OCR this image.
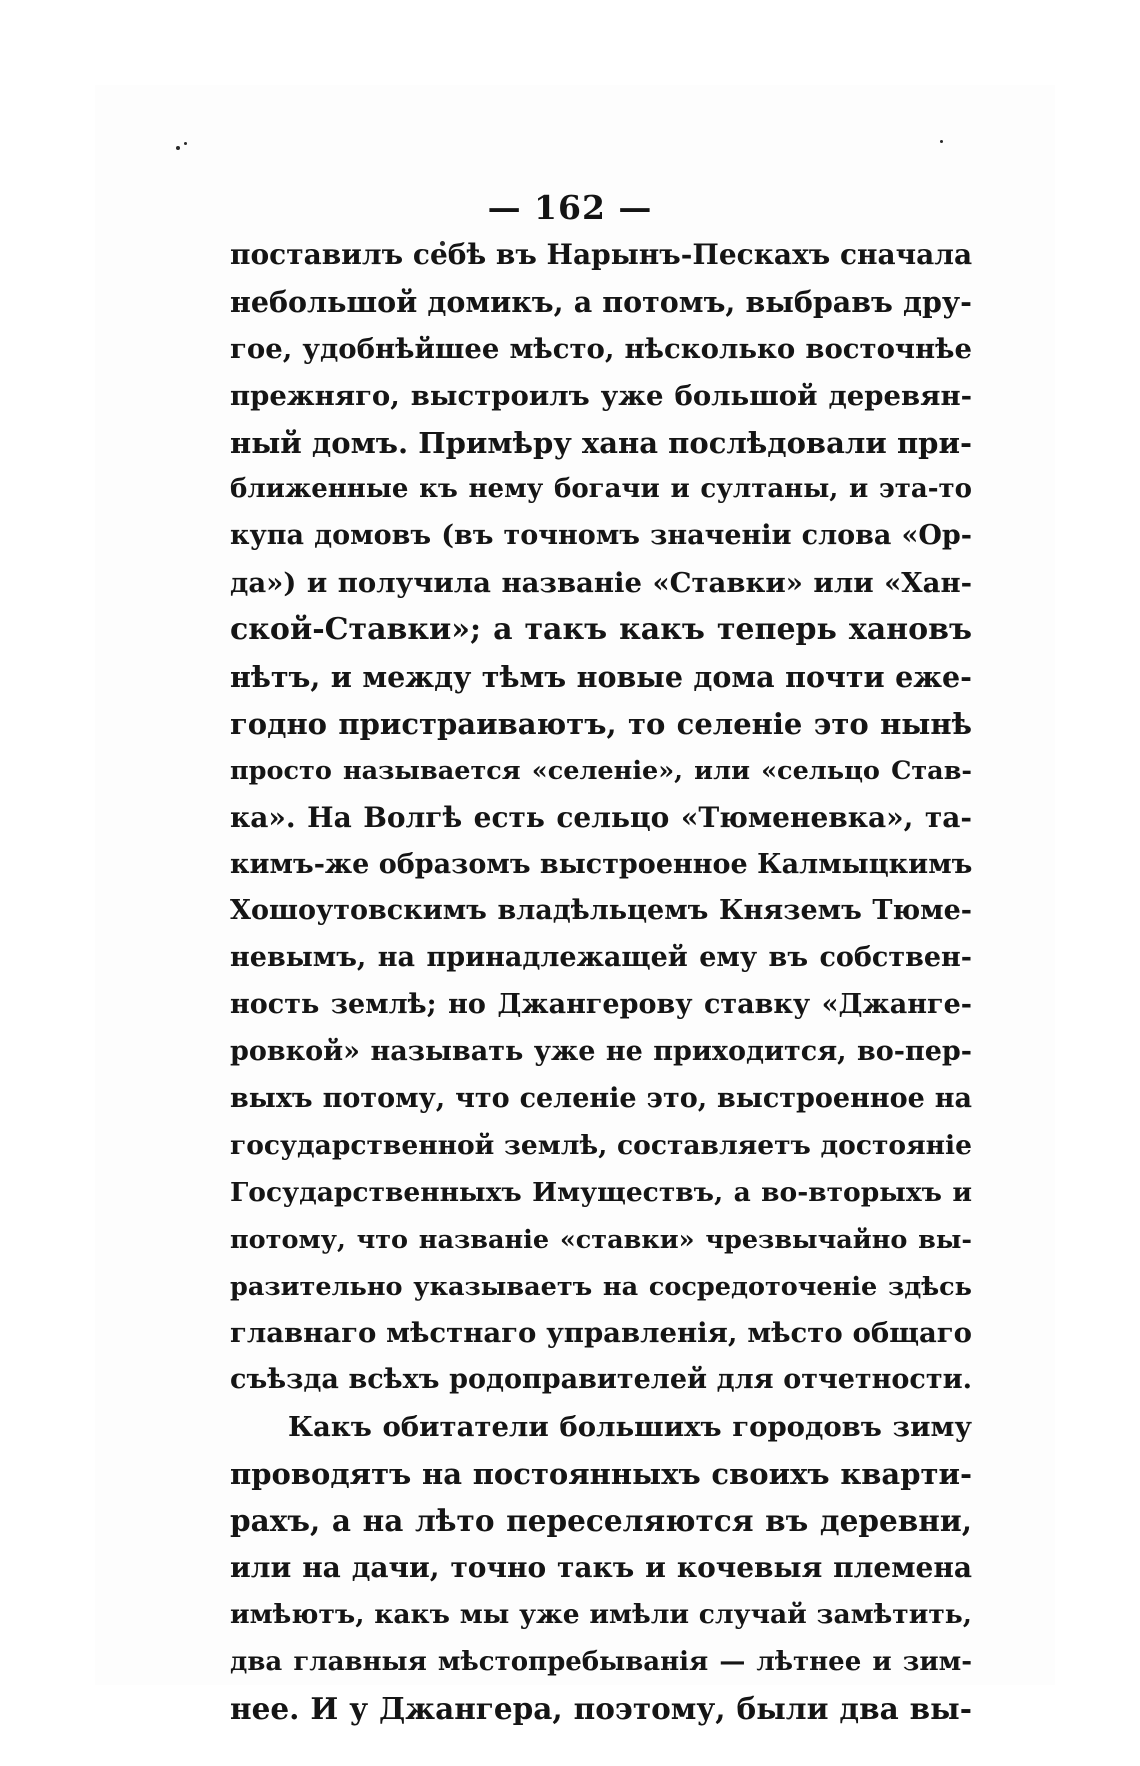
— 162 —
поставилъ себѣ въ Нарынъ-Пескахъ сначала
небольшой домикъ, а потомъ, выбравъ дру-
гое, удобнѣйшее мѣсто, нѣсколько восточнѣе
прежняго, выстроилъ уже большой деревян-
ный домъ. Примѣру хана послѣдовали при-
ближенные къ нему богачи и султаны, и эта-то
купа домовъ (въ точномъ значеніи слова «Ор-
да») и получила названіе «Ставки» или «Хан-
ской-Ставки»; а такъ какъ теперь хановъ
нѣтъ, и между тѣмъ новые дома почти еже-
годно пристраиваютъ, то селеніе это нынѣ
просто называется «селеніе», или «сельцо Став-
ка». На Волгѣ есть сельцо «Тюменевка», та-
кимъ-же образомъ выстроенное Калмыцкимъ
Хошоутовскимъ владѣльцемъ Княземъ Тюме-
невымъ, на принадлежащей ему въ собствен-
ность землѣ; но Джангерову ставку «Джанге-
ровкой» называть уже не приходится, во-пер-
выхъ потому, что селеніе это, выстроенное на
государственной землѣ, составляетъ достояніе
Государственныхъ Имуществъ, а во-вторыхъ и
потому, что названіе «ставки» чрезвычайно вы-
разительно указываетъ на сосредоточеніе здѣсь
главнаго мѣстнаго управленія, мѣсто общаго
съѣзда всѣхъ родоправителей для отчетности.
Какъ обитатели большихъ городовъ зиму
проводятъ на постоянныхъ своихъ кварти-
рахъ, а на лѣто переселяются въ деревни,
или на дачи, точно такъ и кочевыя племена
имѣютъ, какъ мы уже имѣли случай замѣтить,
два главныя мѣстопребыванія — лѣтнее и зим-
нее. И у Джангера, поэтому, были два вы-
